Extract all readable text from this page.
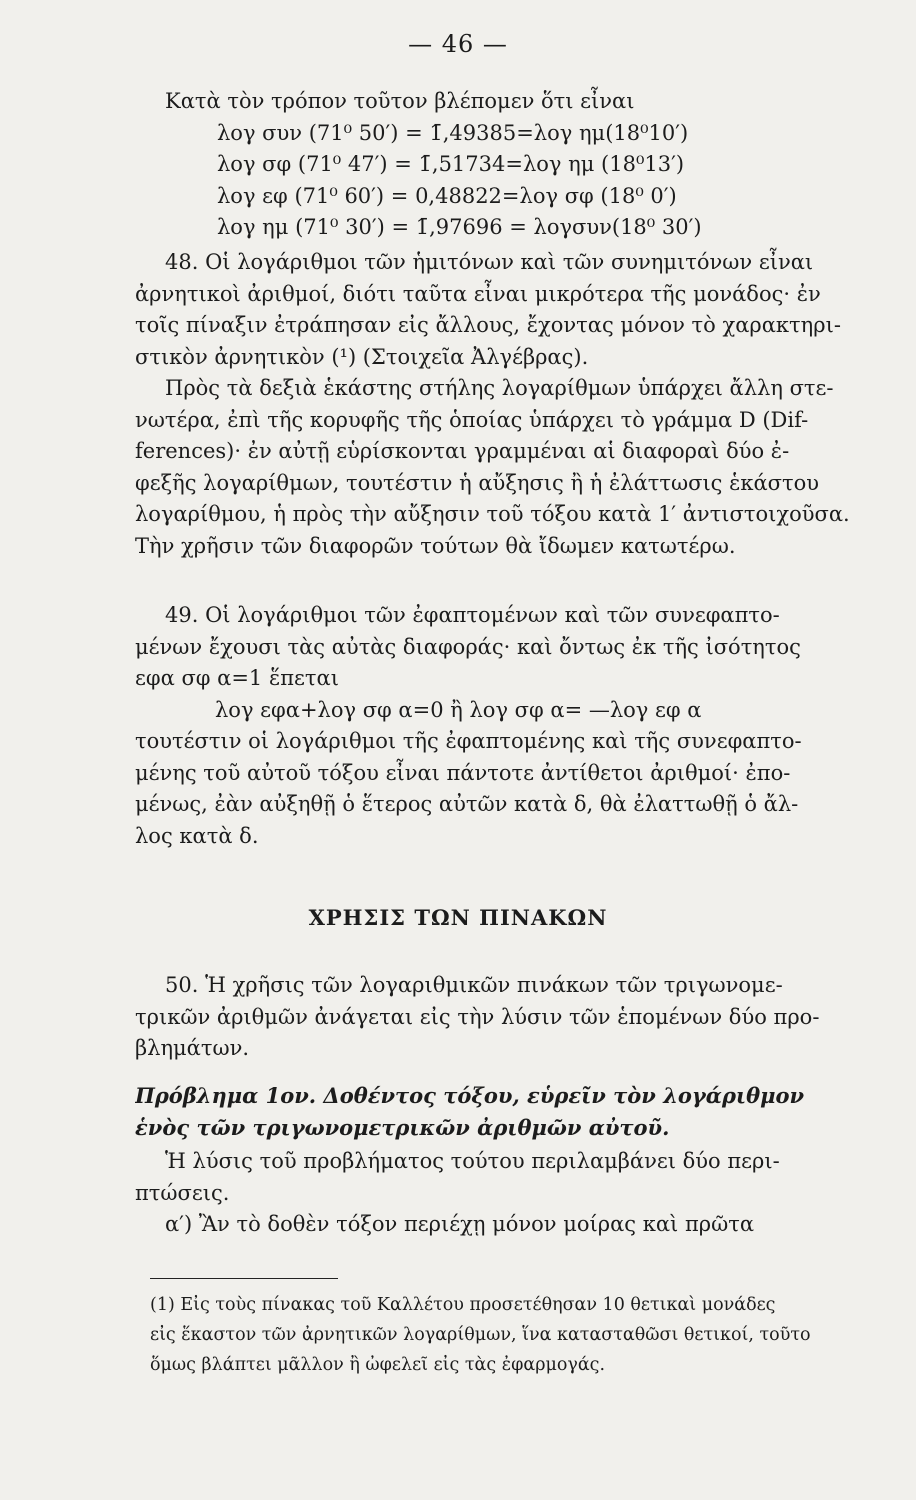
— 46 —
Κατὰ τὸν τρόπον τοῦτον βλέπομεν ὅτι εἶναι
λογ συν (71⁰ 50′) = 1̄,49385=λογ ημ(18⁰10′)
λογ σφ (71⁰ 47′) = 1̄,51734=λογ ημ (18⁰13′)
λογ εφ (71⁰ 60′) = 0,48822=λογ σφ (18⁰ 0′)
λογ ημ (71⁰ 30′) = 1̄,97696 = λογσυν(18⁰ 30′)
48. Οἱ λογάριθμοι τῶν ἡμιτόνων καὶ τῶν συνημιτόνων εἶναι
ἀρνητικοὶ ἀριθμοί, διότι ταῦτα εἶναι μικρότερα τῆς μονάδος· ἐν
τοῖς πίναξιν ἐτράπησαν εἰς ἄλλους, ἔχοντας μόνον τὸ χαρακτηρι-
στικὸν ἀρνητικὸν (¹) (Στοιχεῖα Ἀλγέβρας).
Πρὸς τὰ δεξιὰ ἑκάστης στήλης λογαρίθμων ὑπάρχει ἄλλη στε-
νωτέρα, ἐπὶ τῆς κορυφῆς τῆς ὁποίας ὑπάρχει τὸ γράμμα D (Dif-
ferences)· ἐν αὐτῇ εὑρίσκονται γραμμέναι αἱ διαφοραὶ δύο ἐ-
φεξῆς λογαρίθμων, τουτέστιν ἡ αὔξησις ἢ ἡ ἐλάττωσις ἑκάστου
λογαρίθμου, ἡ πρὸς τὴν αὔξησιν τοῦ τόξου κατὰ 1′ ἀντιστοιχοῦσα.
Τὴν χρῆσιν τῶν διαφορῶν τούτων θὰ ἴδωμεν κατωτέρω.
49. Οἱ λογάριθμοι τῶν ἐφαπτομένων καὶ τῶν συνεφαπτο-
μένων ἔχουσι τὰς αὐτὰς διαφοράς· καὶ ὄντως ἐκ τῆς ἰσότητος
εφα σφ α=1 ἕπεται
λογ εφα+λογ σφ α=0 ἢ λογ σφ α= —λογ εφ α
τουτέστιν οἱ λογάριθμοι τῆς ἐφαπτομένης καὶ τῆς συνεφαπτο-
μένης τοῦ αὐτοῦ τόξου εἶναι πάντοτε ἀντίθετοι ἀριθμοί· ἐπο-
μένως, ἐὰν αὐξηθῇ ὁ ἕτερος αὐτῶν κατὰ δ, θὰ ἐλαττωθῇ ὁ ἄλ-
λος κατὰ δ.
ΧΡΗΣΙΣ ΤΩΝ ΠΙΝΑΚΩΝ
50. Ἡ χρῆσις τῶν λογαριθμικῶν πινάκων τῶν τριγωνομε-
τρικῶν ἀριθμῶν ἀνάγεται εἰς τὴν λύσιν τῶν ἑπομένων δύο προ-
βλημάτων.
Πρόβλημα 1ον. Δοθέντος τόξου, εὑρεῖν τὸν λογάριθμον
ἑνὸς τῶν τριγωνομετρικῶν ἀριθμῶν αὐτοῦ.
Ἡ λύσις τοῦ προβλήματος τούτου περιλαμβάνει δύο περι-
πτώσεις.
α′) Ἂν τὸ δοθὲν τόξον περιέχῃ μόνον μοίρας καὶ πρῶτα
(1) Εἰς τοὺς πίνακας τοῦ Καλλέτου προσετέθησαν 10 θετικαὶ μονάδες
εἰς ἕκαστον τῶν ἀρνητικῶν λογαρίθμων, ἵνα κατασταθῶσι θετικοί, τοῦτο
ὅμως βλάπτει μᾶλλον ἢ ὠφελεῖ εἰς τὰς ἐφαρμογάς.
